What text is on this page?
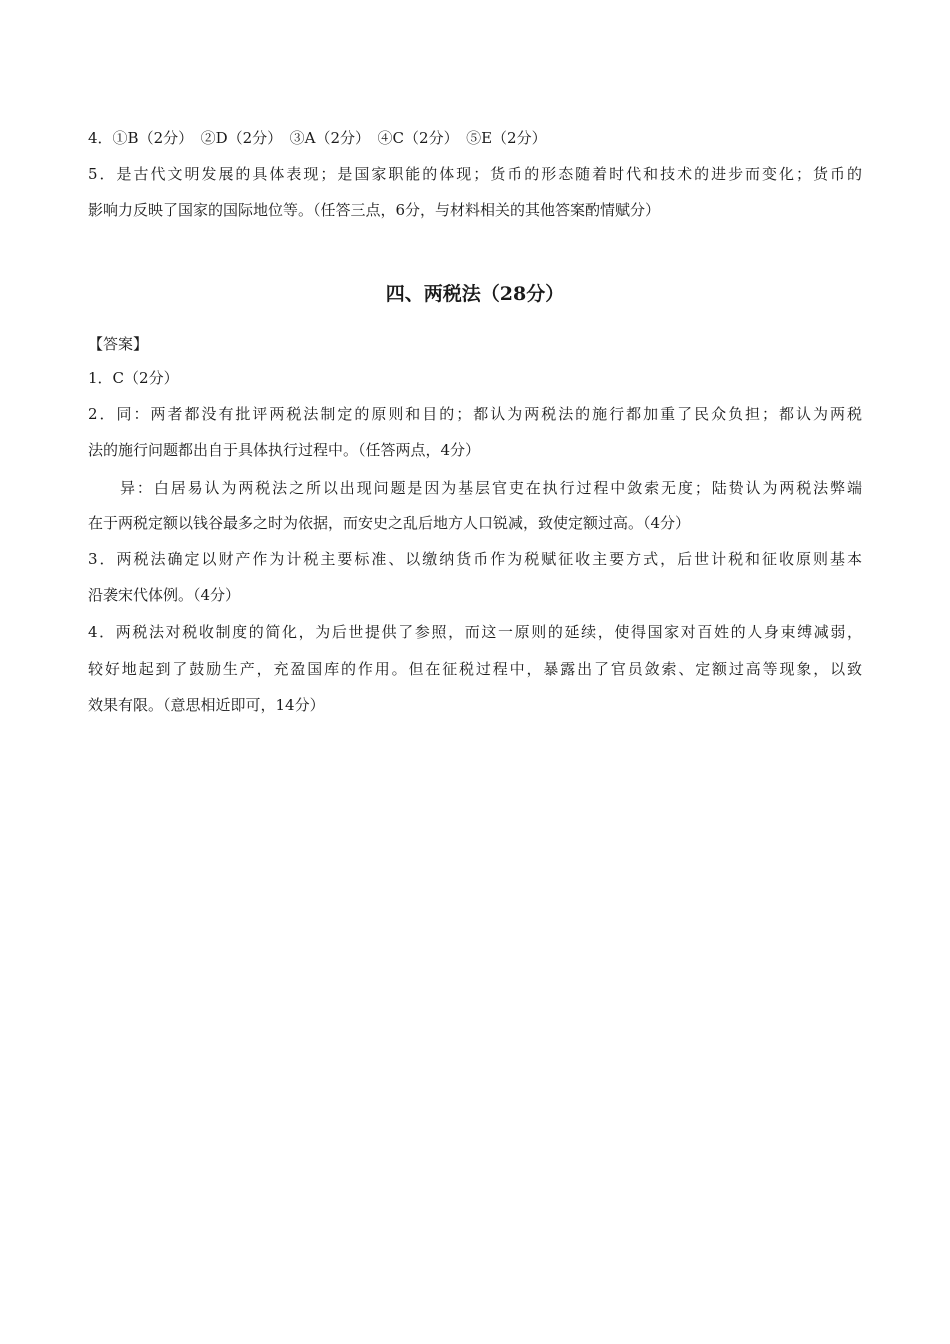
4．①B（2分）　②D（2分）　③A（2分）　④C（2分）　⑤E（2分）
5．是古代文明发展的具体表现；是国家职能的体现；货币的形态随着时代和技术的进步而变化；货币的
影响力反映了国家的国际地位等。（任答三点，6分，与材料相关的其他答案酌情赋分）
四、两税法（28分）
【答案】
1．C（2分）
2．同：两者都没有批评两税法制定的原则和目的；都认为两税法的施行都加重了民众负担；都认为两税
法的施行问题都出自于具体执行过程中。（任答两点，4分）
异：白居易认为两税法之所以出现问题是因为基层官吏在执行过程中敛索无度；陆贽认为两税法弊端
在于两税定额以钱谷最多之时为依据，而安史之乱后地方人口锐减，致使定额过高。（4分）
3．两税法确定以财产作为计税主要标准、以缴纳货币作为税赋征收主要方式，后世计税和征收原则基本
沿袭宋代体例。（4分）
4．两税法对税收制度的简化，为后世提供了参照，而这一原则的延续，使得国家对百姓的人身束缚减弱，
较好地起到了鼓励生产，充盈国库的作用。但在征税过程中，暴露出了官员敛索、定额过高等现象，以致
效果有限。（意思相近即可，14分）
